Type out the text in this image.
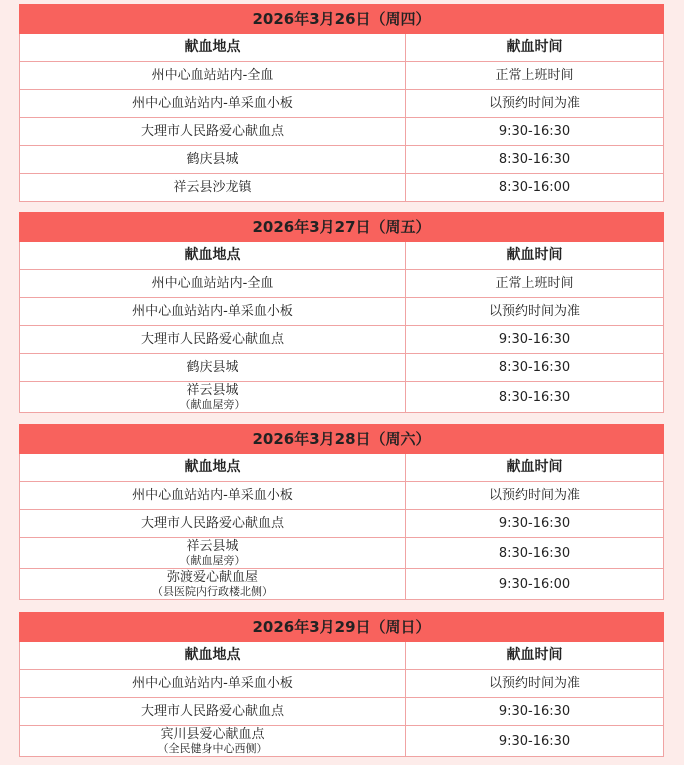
2026年3月26日（周四）	
献血地点	献血时间
州中心血站站内-全血	正常上班时间
州中心血站站内-单采血小板	以预约时间为准
大理市人民路爱心献血点	9:30-16:30
鹤庆县城	8:30-16:30
祥云县沙龙镇	8:30-16:00
2026年3月27日（周五）	
献血地点	献血时间
州中心血站站内-全血	正常上班时间
州中心血站站内-单采血小板	以预约时间为准
大理市人民路爱心献血点	9:30-16:30
鹤庆县城	8:30-16:30

祥云县城
（献血屋旁）	8:30-16:30
2026年3月28日（周六）	
献血地点	献血时间
州中心血站站内-单采血小板	以预约时间为准
大理市人民路爱心献血点	9:30-16:30

祥云县城
（献血屋旁）	8:30-16:30

弥渡爱心献血屋
（县医院内行政楼北侧）	9:30-16:00
2026年3月29日（周日）	
献血地点	献血时间
州中心血站站内-单采血小板	以预约时间为准
大理市人民路爱心献血点	9:30-16:30

宾川县爱心献血点
（全民健身中心西侧）	9:30-16:30
